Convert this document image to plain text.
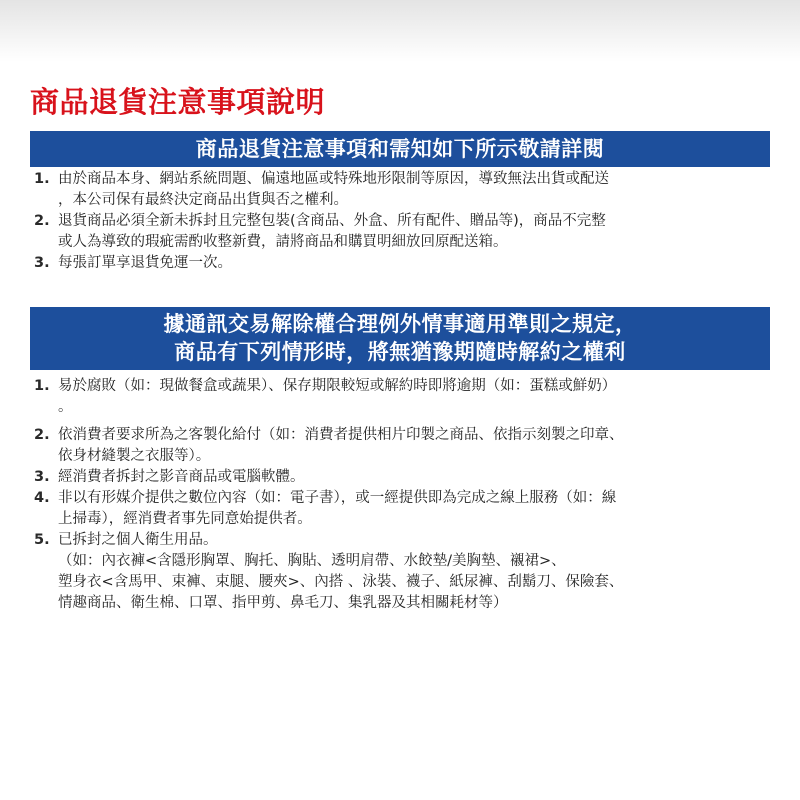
商品退貨注意事項說明
商品退貨注意事項和需知如下所示敬請詳閱
1. 由於商品本身、網站系統問題、偏遠地區或特殊地形限制等原因，導致無法出貨或配送
，本公司保有最終決定商品出貨與否之權利。
2. 退貨商品必須全新未拆封且完整包裝(含商品、外盒、所有配件、贈品等)，商品不完整
或人為導致的瑕疵需酌收整新費，請將商品和購買明細放回原配送箱。
3. 每張訂單享退貨免運一次。
據通訊交易解除權合理例外情事適用準則之規定，
商品有下列情形時，將無猶豫期隨時解約之權利
1. 易於腐敗（如：現做餐盒或蔬果）、保存期限較短或解約時即將逾期（如：蛋糕或鮮奶）
。
2. 依消費者要求所為之客製化給付（如：消費者提供相片印製之商品、依指示刻製之印章、
依身材縫製之衣服等）。
3. 經消費者拆封之影音商品或電腦軟體。
4. 非以有形媒介提供之數位內容（如：電子書），或一經提供即為完成之線上服務（如：線
上掃毒），經消費者事先同意始提供者。
5. 已拆封之個人衛生用品。
（如：內衣褲<含隱形胸罩、胸托、胸貼、透明肩帶、水餃墊/美胸墊、襯裙>、
塑身衣<含馬甲、束褲、束腿、腰夾>、內搭 、泳裝、襪子、紙尿褲、刮鬍刀、保險套、
情趣商品、衛生棉、口罩、指甲剪、鼻毛刀、集乳器及其相關耗材等）
